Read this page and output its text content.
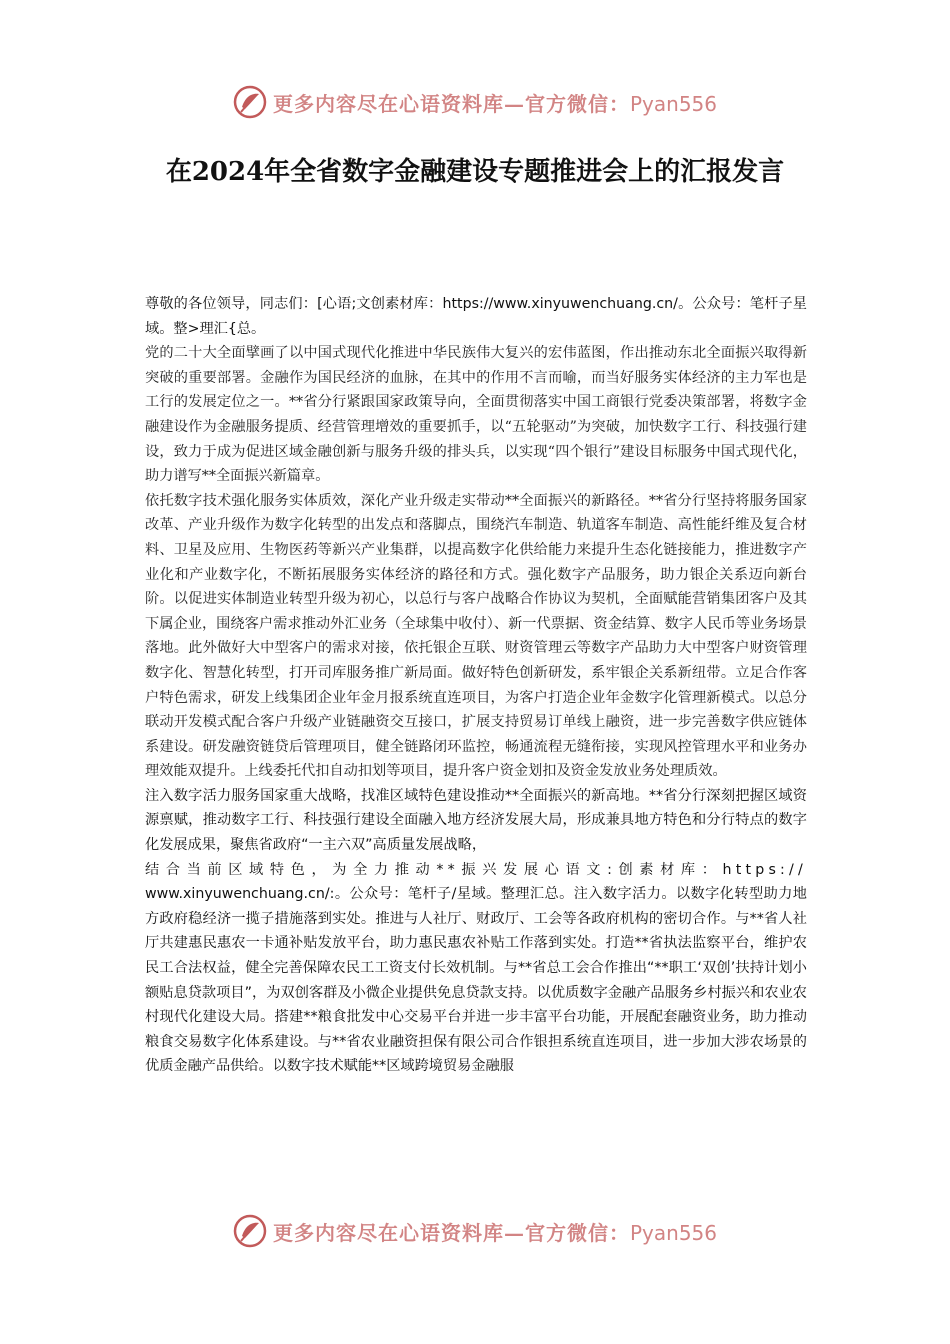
更多内容尽在心语资料库—官方微信：Pyan556
在2024年全省数字金融建设专题推进会上的汇报发言

尊敬的各位领导，同志们：[心语;文创素材库：https://www.xinyuwenchuang.cn/。公众号：笔杆子星域。整>理汇{总。

党的二十大全面擘画了以中国式现代化推进中华民族伟大复兴的宏伟蓝图，作出推动东北全面振兴取得新突破的重要部署。金融作为国民经济的血脉，在其中的作用不言而喻，而当好服务实体经济的主力军也是工行的发展定位之一。**省分行紧跟国家政策导向，全面贯彻落实中国工商银行党委决策部署，将数字金融建设作为金融服务提质、经营管理增效的重要抓手，以“五轮驱动”为突破，加快数字工行、科技强行建设，致力于成为促进区域金融创新与服务升级的排头兵，以实现“四个银行”建设目标服务中国式现代化，助力谱写**全面振兴新篇章。

依托数字技术强化服务实体质效，深化产业升级走实带动**全面振兴的新路径。**省分行坚持将服务国家改革、产业升级作为数字化转型的出发点和落脚点，围绕汽车制造、轨道客车制造、高性能纤维及复合材料、卫星及应用、生物医药等新兴产业集群，以提高数字化供给能力来提升生态化链接能力，推进数字产业化和产业数字化，不断拓展服务实体经济的路径和方式。强化数字产品服务，助力银企关系迈向新台阶。以促进实体制造业转型升级为初心，以总行与客户战略合作协议为契机，全面赋能营销集团客户及其下属企业，围绕客户需求推动外汇业务（全球集中收付）、新一代票据、资金结算、数字人民币等业务场景落地。此外做好大中型客户的需求对接，依托银企互联、财资管理云等数字产品助力大中型客户财资管理数字化、智慧化转型，打开司库服务推广新局面。做好特色创新研发，系牢银企关系新纽带。立足合作客户特色需求，研发上线集团企业年金月报系统直连项目，为客户打造企业年金数字化管理新模式。以总分联动开发模式配合客户升级产业链融资交互接口，扩展支持贸易订单线上融资，进一步完善数字供应链体系建设。研发融资链贷后管理项目，健全链路闭环监控，畅通流程无缝衔接，实现风控管理水平和业务办理效能双提升。上线委托代扣自动扣划等项目，提升客户资金划扣及资金发放业务处理质效。

注入数字活力服务国家重大战略，找准区域特色建设推动**全面振兴的新高地。**省分行深刻把握区域资源禀赋，推动数字工行、科技强行建设全面融入地方经济发展大局，形成兼具地方特色和分行特点的数字化发展成果，聚焦省政府“一主六双”高质量发展战略，

结合当前区域特色，为全力推动**振兴发展心语文:创素材库：https://

www.xinyuwenchuang.cn/:。公众号：笔杆子/星域。整理汇总。注入数字活力。以数字化转型助力地方政府稳经济一揽子措施落到实处。推进与人社厅、财政厅、工会等各政府机构的密切合作。与**省人社厅共建惠民惠农一卡通补贴发放平台，助力惠民惠农补贴工作落到实处。打造**省执法监察平台，维护农民工合法权益，健全完善保障农民工工资支付长效机制。与**省总工会合作推出“**职工‘双创’扶持计划小额贴息贷款项目”，为双创客群及小微企业提供免息贷款支持。以优质数字金融产品服务乡村振兴和农业农村现代化建设大局。搭建**粮食批发中心交易平台并进一步丰富平台功能，开展配套融资业务，助力推动粮食交易数字化体系建设。与**省农业融资担保有限公司合作银担系统直连项目，进一步加大涉农场景的优质金融产品供给。以数字技术赋能**区域跨境贸易金融服

更多内容尽在心语资料库—官方微信：Pyan556
